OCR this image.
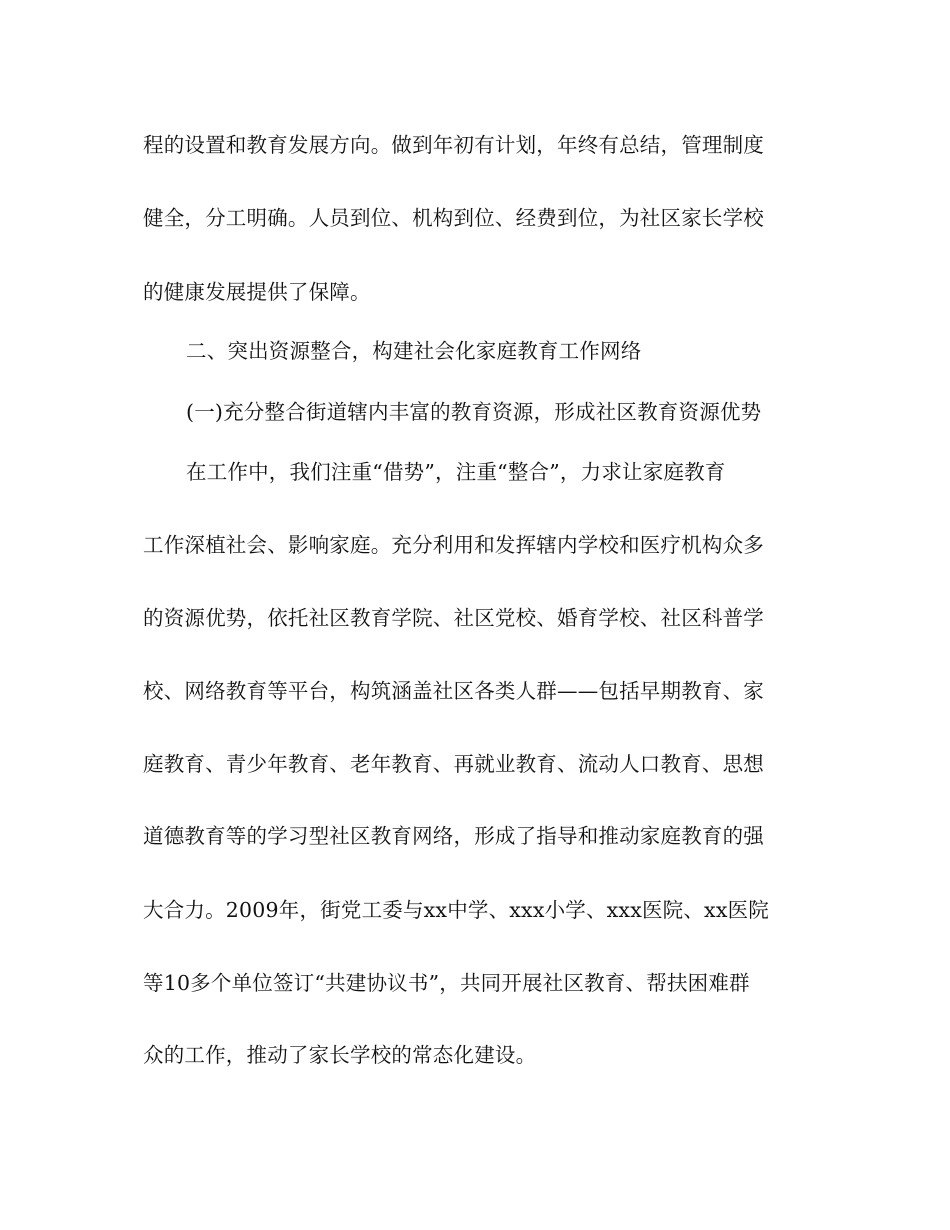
程的设置和教育发展方向。做到年初有计划，年终有总结，管理制度
健全，分工明确。人员到位、机构到位、经费到位，为社区家长学校
的健康发展提供了保障。
二、突出资源整合，构建社会化家庭教育工作网络
(一)充分整合街道辖内丰富的教育资源，形成社区教育资源优势
在工作中，我们注重“借势”，注重“整合”，力求让家庭教育
工作深植社会、影响家庭。充分利用和发挥辖内学校和医疗机构众多
的资源优势，依托社区教育学院、社区党校、婚育学校、社区科普学
校、网络教育等平台，构筑涵盖社区各类人群——包括早期教育、家
庭教育、青少年教育、老年教育、再就业教育、流动人口教育、思想
道德教育等的学习型社区教育网络，形成了指导和推动家庭教育的强
大合力。2009年，街党工委与xx中学、xxx小学、xxx医院、xx医院
等10多个单位签订“共建协议书”，共同开展社区教育、帮扶困难群
众的工作，推动了家长学校的常态化建设。
